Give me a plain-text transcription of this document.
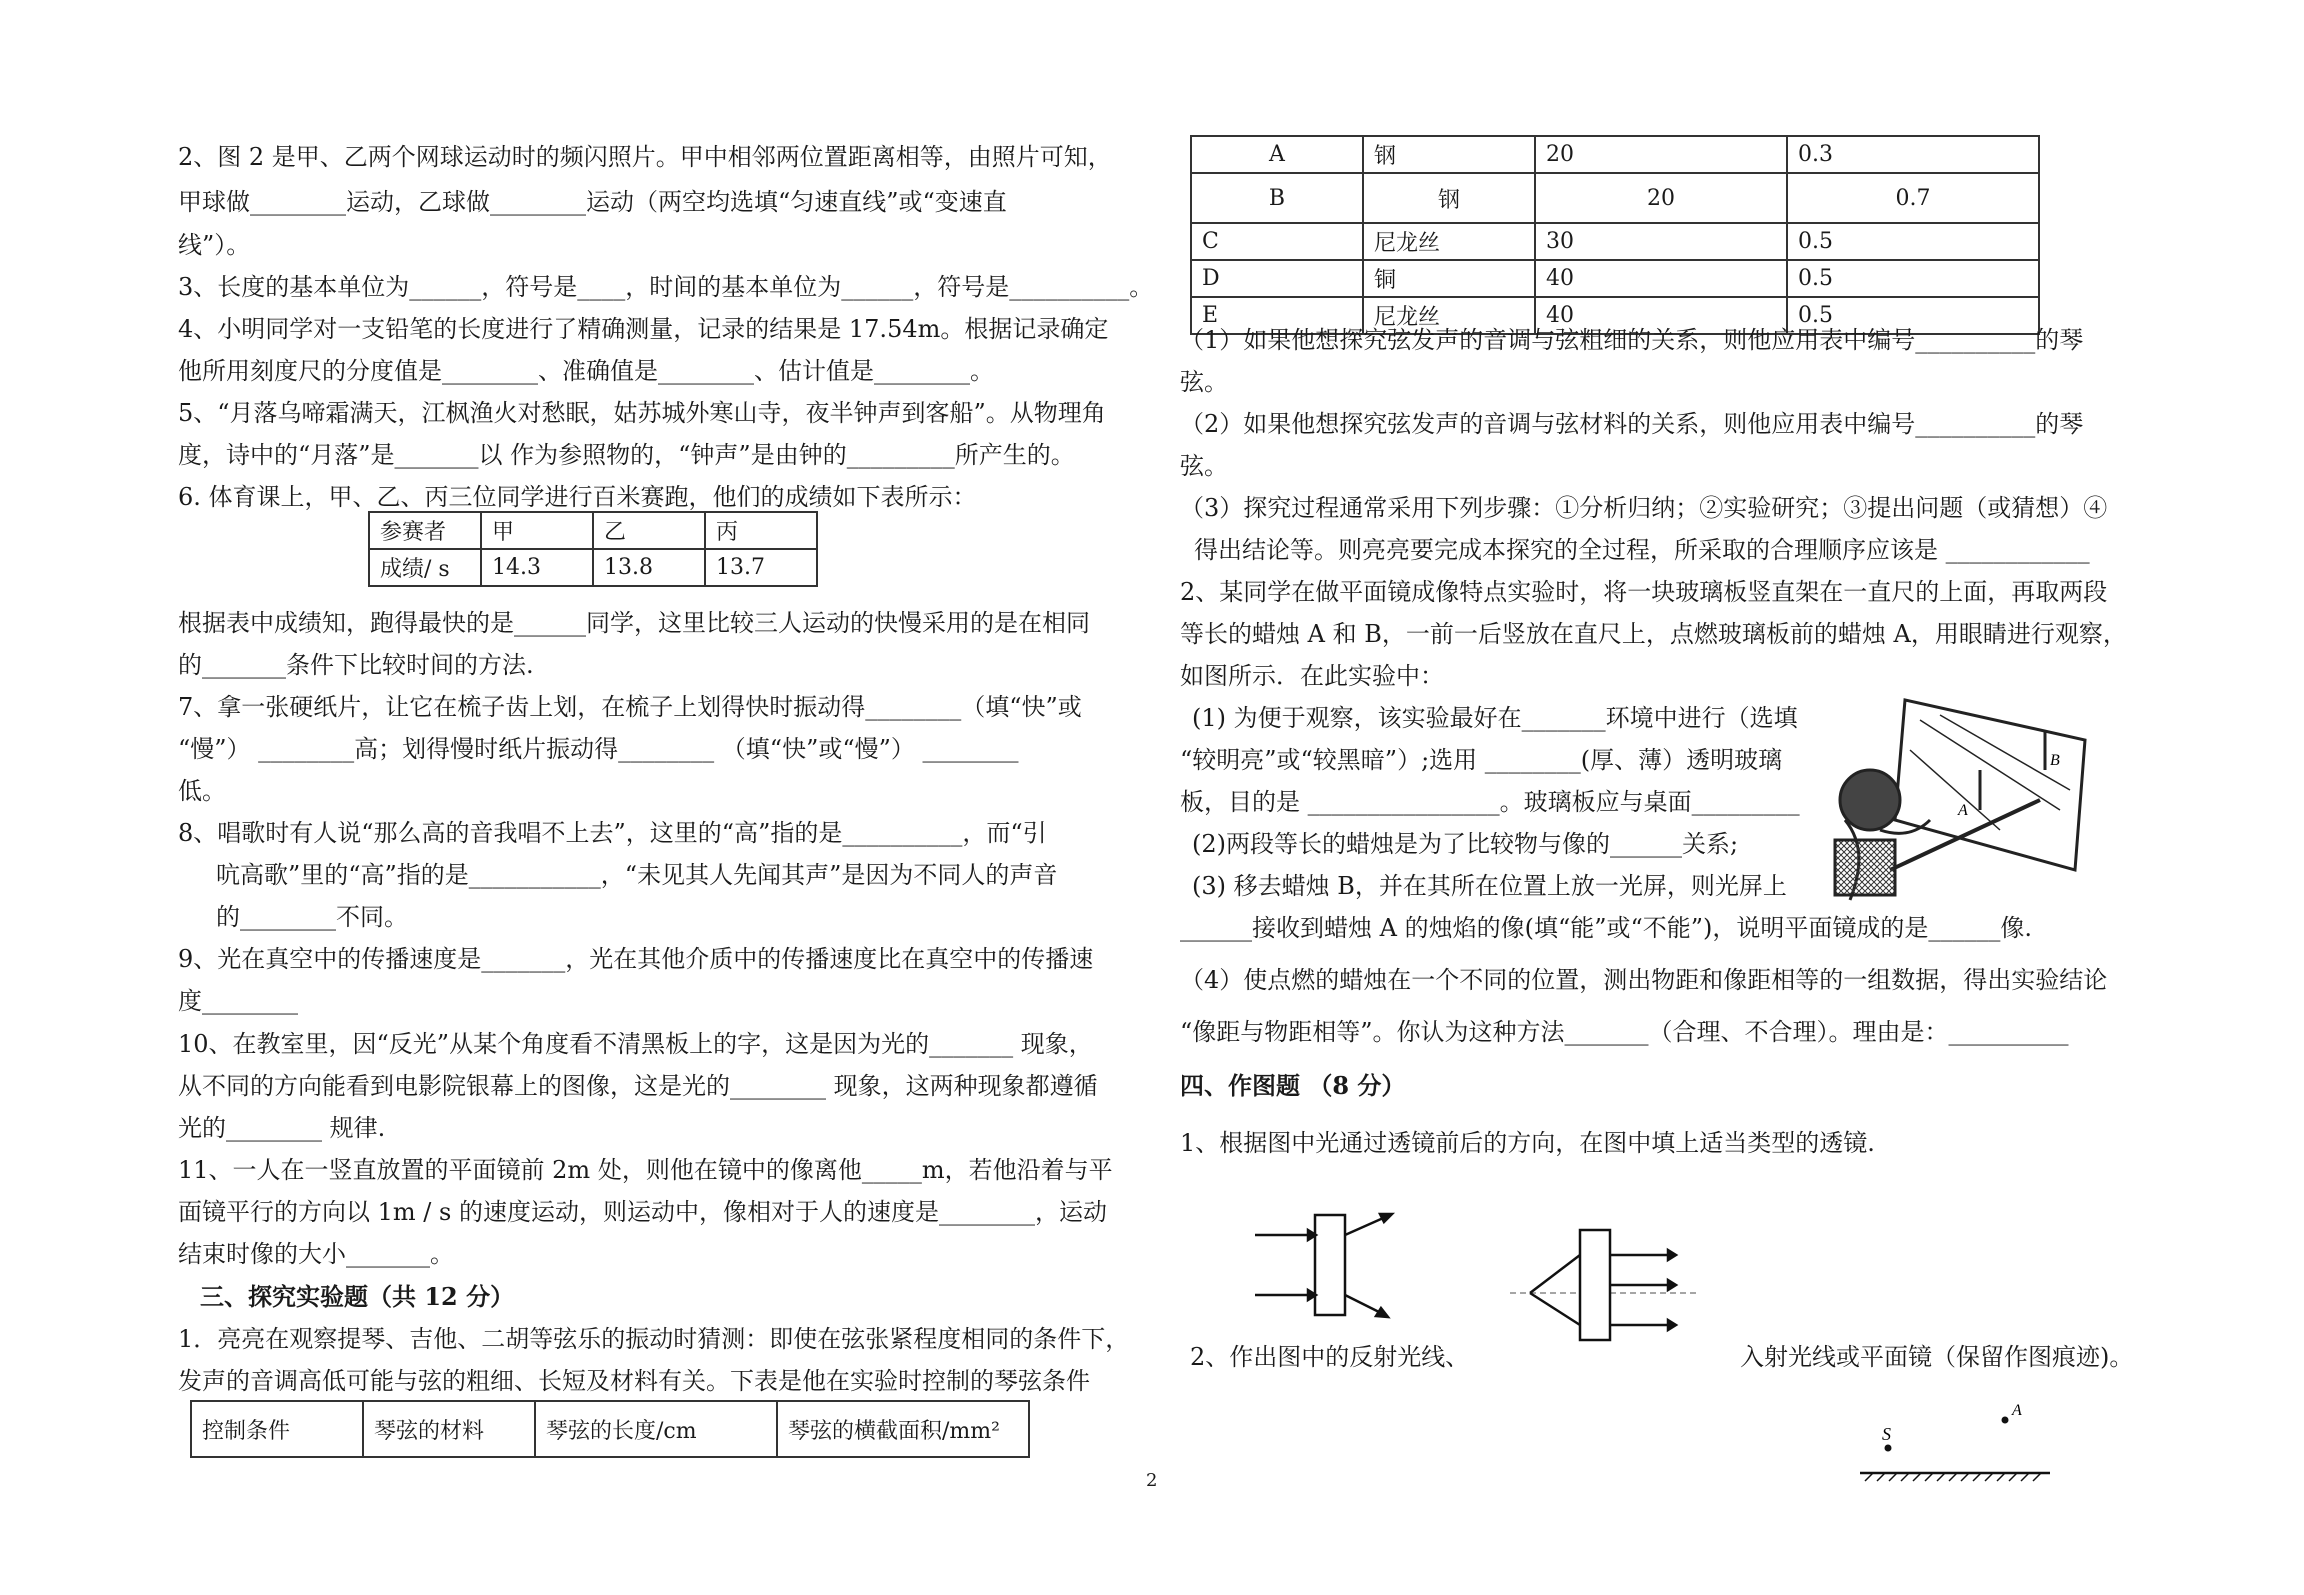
2、图 2 是甲、乙两个网球运动时的频闪照片。甲中相邻两位置距离相等，由照片可知，
甲球做________运动，乙球做________运动（两空均选填“匀速直线”或“变速直
线”）。
3、长度的基本单位为______，符号是____，时间的基本单位为______，符号是__________。
4、小明同学对一支铅笔的长度进行了精确测量，记录的结果是 17.54m。根据记录确定
他所用刻度尺的分度值是________、准确值是________、估计值是________。
5、“月落乌啼霜满天，江枫渔火对愁眠，姑苏城外寒山寺，夜半钟声到客船”。从物理角
度，诗中的“月落”是_______以 作为参照物的，“钟声”是由钟的_________所产生的。
6. 体育课上，甲、乙、丙三位同学进行百米赛跑，他们的成绩如下表所示：
参赛者	甲	乙	丙
成绩/ s	14.3	13.8	13.7
根据表中成绩知，跑得最快的是______同学，这里比较三人运动的快慢采用的是在相同
的_______条件下比较时间的方法.
7、拿一张硬纸片，让它在梳子齿上划，在梳子上划得快时振动得________（填“快”或
“慢”） ________高；划得慢时纸片振动得________ （填“快”或“慢”） ________
低。
8、唱歌时有人说“那么高的音我唱不上去”，这里的“高”指的是__________，而“引
吭高歌”里的“高”指的是___________，“未见其人先闻其声”是因为不同人的声音
的________不同。
9、光在真空中的传播速度是_______，光在其他介质中的传播速度比在真空中的传播速
度________
10、在教室里，因“反光”从某个角度看不清黑板上的字，这是因为光的_______ 现象，
从不同的方向能看到电影院银幕上的图像，这是光的________ 现象，这两种现象都遵循
光的________ 规律.
11、一人在一竖直放置的平面镜前 2m 处，则他在镜中的像离他_____m，若他沿着与平
面镜平行的方向以 1m / s 的速度运动，则运动中，像相对于人的速度是________，运动
结束时像的大小_______。
三、探究实验题（共 12 分）
1．亮亮在观察提琴、吉他、二胡等弦乐的振动时猜测：即使在弦张紧程度相同的条件下，
发声的音调高低可能与弦的粗细、长短及材料有关。下表是他在实验时控制的琴弦条件
控制条件	琴弦的材料	琴弦的长度/cm	琴弦的横截面积/mm²
A	钢	20	0.3
B	钢	20	0.7
C	尼龙丝	30	0.5
D	铜	40	0.5
E	尼龙丝	40	0.5
（1）如果他想探究弦发声的音调与弦粗细的关系，则他应用表中编号__________的琴
弦。
（2）如果他想探究弦发声的音调与弦材料的关系，则他应用表中编号__________的琴
弦。
（3）探究过程通常采用下列步骤：①分析归纳；②实验研究；③提出问题（或猜想）④
得出结论等。则亮亮要完成本探究的全过程，所采取的合理顺序应该是 ____________
2、某同学在做平面镜成像特点实验时，将一块玻璃板竖直架在一直尺的上面，再取两段
等长的蜡烛 A 和 B，一前一后竖放在直尺上，点燃玻璃板前的蜡烛 A，用眼睛进行观察，
如图所示．在此实验中：
(1) 为便于观察，该实验最好在_______环境中进行（选填
“较明亮”或“较黑暗”）;选用 ________(厚、薄）透明玻璃
板，目的是 ________________。玻璃板应与桌面_________
(2)两段等长的蜡烛是为了比较物与像的______关系;
(3) 移去蜡烛 B，并在其所在位置上放一光屏，则光屏上
______接收到蜡烛 A 的烛焰的像(填“能”或“不能”)，说明平面镜成的是______像.
（4）使点燃的蜡烛在一个不同的位置，测出物距和像距相等的一组数据，得出实验结论
“像距与物距相等”。你认为这种方法_______（合理、不合理）。理由是：__________
四、作图题 （8 分）
1、根据图中光通过透镜前后的方向，在图中填上适当类型的透镜.
2、作出图中的反射光线、	入射光线或平面镜（保留作图痕迹)。
A
B
S
A
2
